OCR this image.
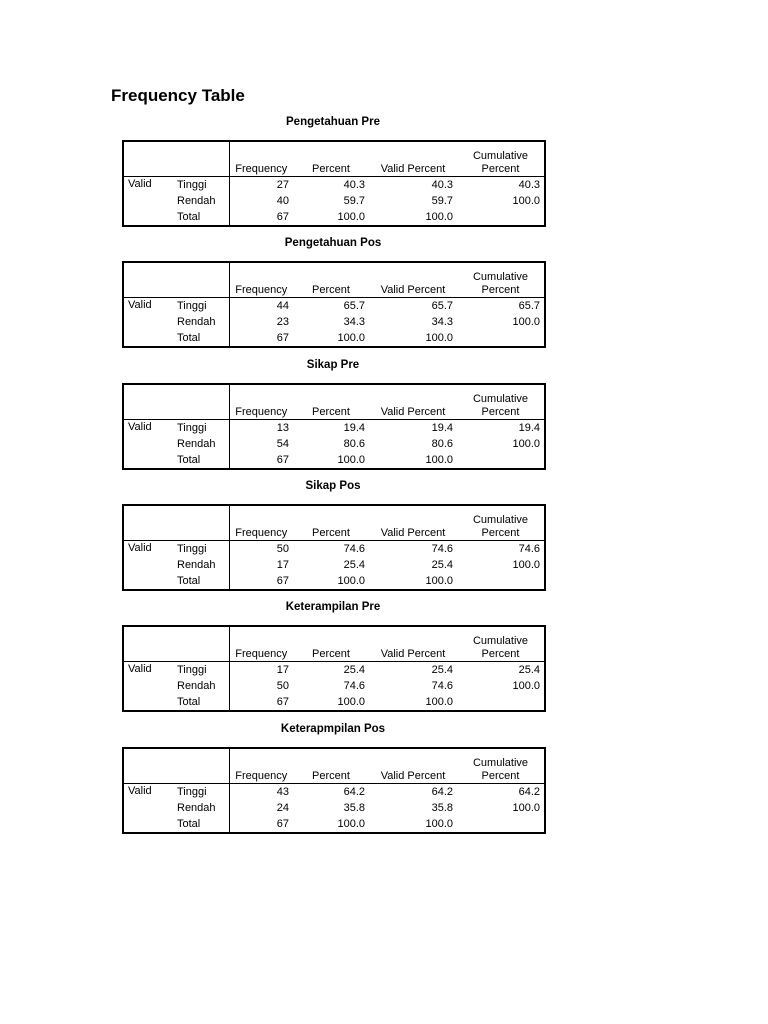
Frequency Table
Pengetahuan Pre
		Frequency	Percent	Valid Percent	Cumulative Percent
Valid	Tinggi	27	40.3	40.3	40.3
	Rendah	40	59.7	59.7	100.0
	Total	67	100.0	100.0	
Pengetahuan Pos
		Frequency	Percent	Valid Percent	Cumulative Percent
Valid	Tinggi	44	65.7	65.7	65.7
	Rendah	23	34.3	34.3	100.0
	Total	67	100.0	100.0	
Sikap Pre
		Frequency	Percent	Valid Percent	Cumulative Percent
Valid	Tinggi	13	19.4	19.4	19.4
	Rendah	54	80.6	80.6	100.0
	Total	67	100.0	100.0	
Sikap Pos
		Frequency	Percent	Valid Percent	Cumulative Percent
Valid	Tinggi	50	74.6	74.6	74.6
	Rendah	17	25.4	25.4	100.0
	Total	67	100.0	100.0	
Keterampilan Pre
		Frequency	Percent	Valid Percent	Cumulative Percent
Valid	Tinggi	17	25.4	25.4	25.4
	Rendah	50	74.6	74.6	100.0
	Total	67	100.0	100.0	
Keterapmpilan Pos
		Frequency	Percent	Valid Percent	Cumulative Percent
Valid	Tinggi	43	64.2	64.2	64.2
	Rendah	24	35.8	35.8	100.0
	Total	67	100.0	100.0	
